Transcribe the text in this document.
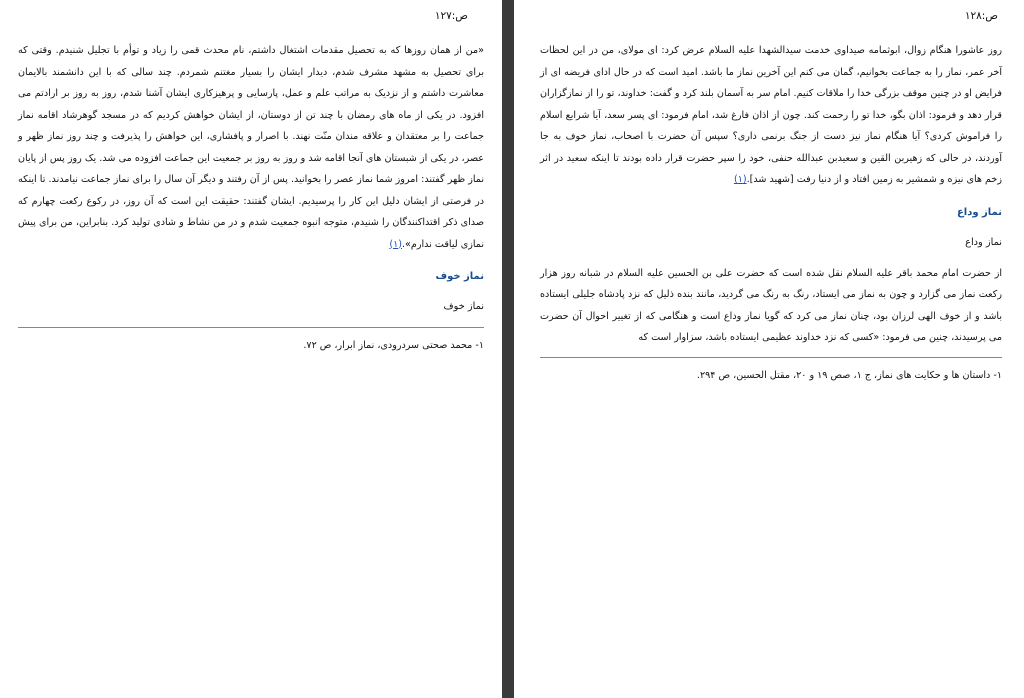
ص:۱۲۷

«من از همان روزها که به تحصیل مقدمات اشتغال داشتم، نام محدث قمی را زیاد و توأم با تجلیل شنیدم. وقتی که برای تحصیل به مشهد مشرف شدم، دیدار ایشان را بسیار مغتنم شمردم. چند سالی که با این دانشمند بالایمان معاشرت داشتم و از نزدیک به مراتب علم و عمل، پارسایی و پرهیزکاری ایشان آشنا شدم، روز به روز بر ارادتم می افزود. در یکی از ماه های رمضان با چند تن از دوستان، از ایشان خواهش کردیم که در مسجد گوهرشاد اقامه نماز جماعت را بر معتقدان و علاقه مندان منّت نهند. با اصرار و پافشاری، این خواهش را پذیرفت و چند روز نماز ظهر و عصر، در یکی از شبستان های آنجا اقامه شد و روز به روز بر جمعیت این جماعت افزوده می شد. یک روز پس از پایان نماز ظهر گفتند: امروز شما نماز عصر را بخوانید. پس از آن رفتند و دیگر آن سال را برای نماز جماعت نیامدند. تا اینکه در فرصتی از ایشان دلیل این کار را پرسیدیم. ایشان گفتند: حقیقت این است که آن روز، در رکوع رکعت چهارم که صدای ذکر اقتداکنندگان را شنیدم، متوجه انبوه جمعیت شدم و در من نشاط و شادی تولید کرد. بنابراین، من برای پیش نمازی لیاقت ندارم».(۱)

نماز خوف
نماز خوف

۱- محمد صحتی سردرودی، نماز ابرار، ص ۷۲.

ص:۱۲۸

روز عاشورا هنگام زوال، ابوثمامه صیداوی خدمت سیدالشهدا علیه السلام عرض کرد: ای مولای، من در این لحظات آخر عمر، نماز را به جماعت بخوانیم، گمان می کنم این آخرین نماز ما باشد. امید است که در حال ادای فریضه ای از فرایض او در چنین موقف بزرگی خدا را ملاقات کنیم. امام سر به آسمان بلند کرد و گفت: خداوند، تو را از نمازگزاران قرار دهد و فرمود: اذان بگو، خدا تو را رحمت کند. چون از اذان فارغ شد، امام فرمود: ای پسر سعد، آیا شرایع اسلام را فراموش کردی؟ آیا هنگام نماز نیز دست از جنگ برنمی داری؟ سپس آن حضرت با اصحاب، نماز خوف به جا آوردند، در حالی که زهیربن القین و سعیدبن عبدالله حنفی، خود را سپر حضرت قرار داده بودند تا اینکه سعید در اثر زخم های نیزه و شمشیر به زمین افتاد و از دنیا رفت [شهید شد].(۱)

نماز وداع
نماز وداع

از حضرت امام محمد باقر علیه السلام نقل شده است که حضرت علی بن الحسین علیه السلام در شبانه روز هزار رکعت نماز می گزارد و چون به نماز می ایستاد، رنگ به رنگ می گردید، مانند بنده ذلیل که نزد پادشاه جلیلی ایستاده باشد و از خوف الهی لرزان بود، چنان نماز می کرد که گویا نماز وداع است و هنگامی که از تغییر احوال آن حضرت می پرسیدند، چنین می فرمود: «کسی که نزد خداوند عظیمی ایستاده باشد، سزاوار است که

۱- داستان ها و حکایت های نماز، ج ۱، صص ۱۹ و ۲۰، مقتل الحسین، ص ۲۹۴.
